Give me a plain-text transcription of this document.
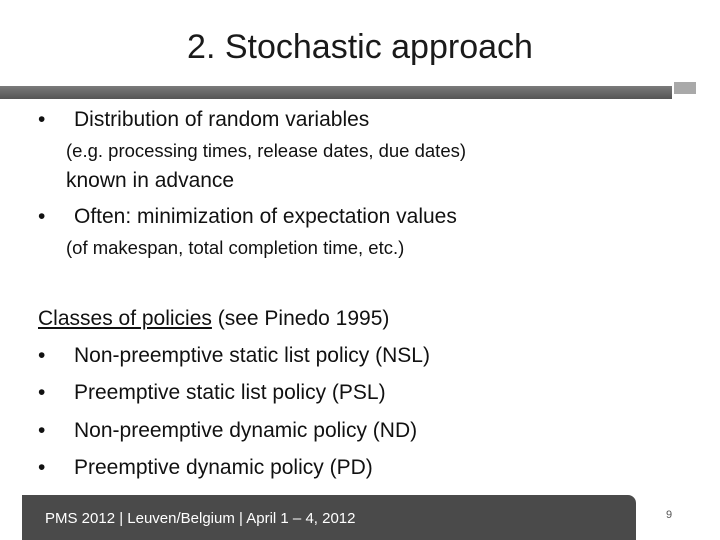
2. Stochastic approach
• Distribution of random variables
(e.g. processing times, release dates, due dates)
known in advance
• Often: minimization of expectation values
(of makespan, total completion time, etc.)
Classes of policies (see Pinedo 1995)
• Non-preemptive static list policy (NSL)
• Preemptive static list policy (PSL)
• Non-preemptive dynamic policy (ND)
• Preemptive dynamic policy (PD)
PMS 2012 | Leuven/Belgium | April 1 – 4, 2012	9
